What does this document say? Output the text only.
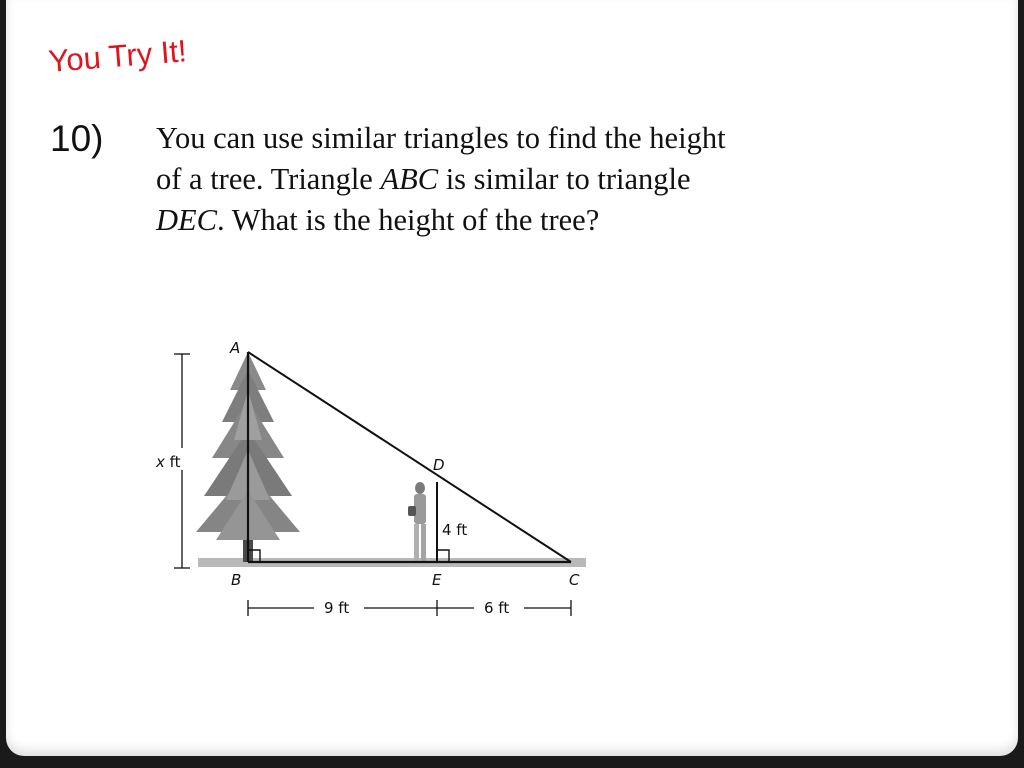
You Try It!
10) You can use similar triangles to find the height of a tree. Triangle ABC is similar to triangle DEC. What is the height of the tree?
x ft
A
B	C
D
E
4 ft
9 ft	6 ft
